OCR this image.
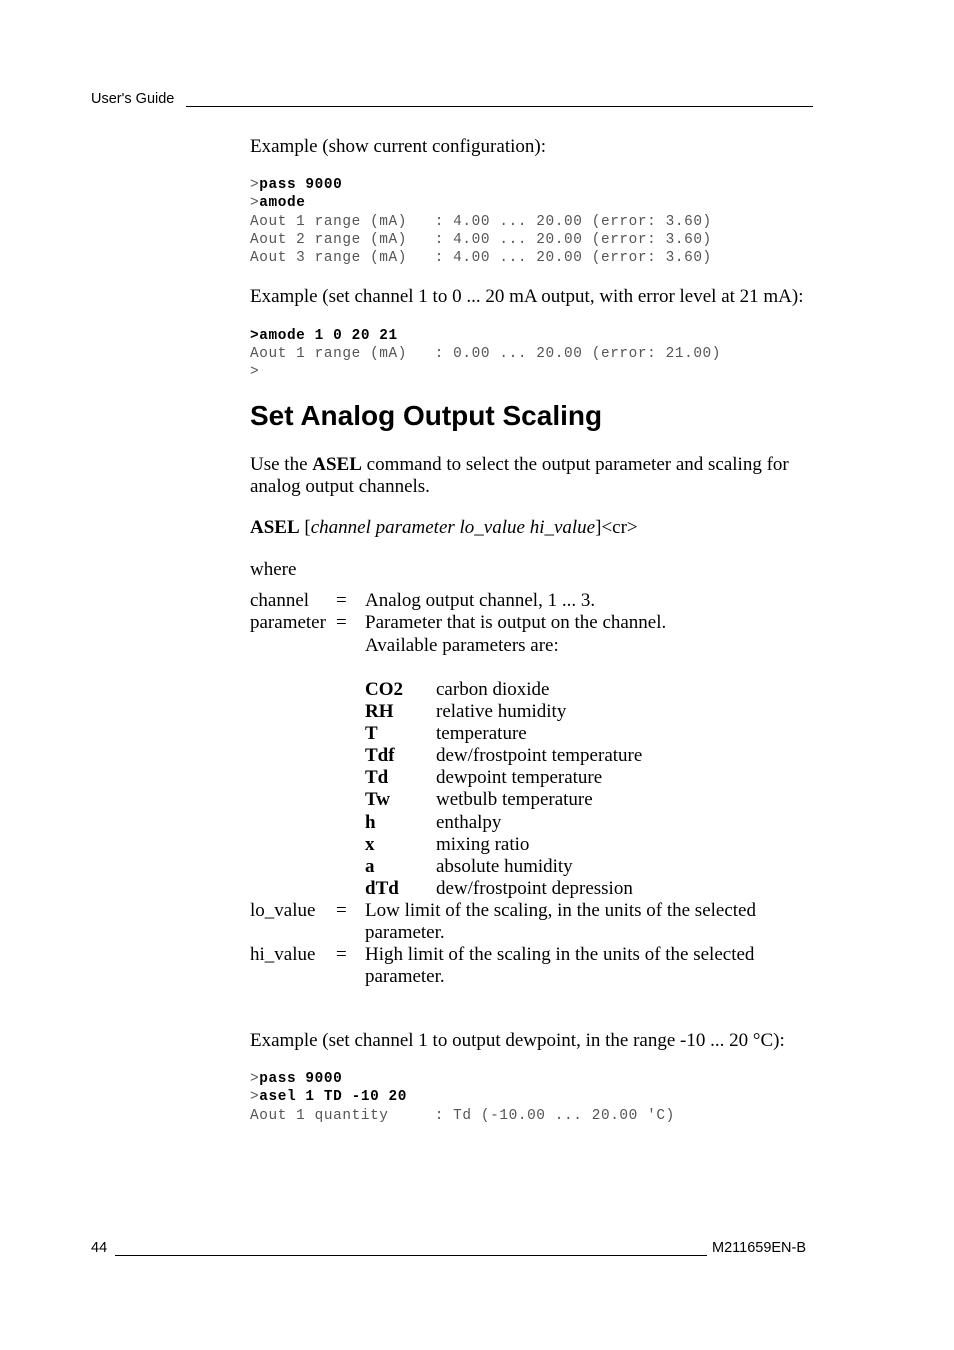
User's Guide
Example (show current configuration):
>pass 9000
>amode
Aout 1 range (mA)   : 4.00 ... 20.00 (error: 3.60)
Aout 2 range (mA)   : 4.00 ... 20.00 (error: 3.60)
Aout 3 range (mA)   : 4.00 ... 20.00 (error: 3.60)
Example (set channel 1 to 0 ... 20 mA output, with error level at 21 mA):
>amode 1 0 20 21
Aout 1 range (mA)   : 0.00 ... 20.00 (error: 21.00)
>
Set Analog Output Scaling
Use the ASEL command to select the output parameter and scaling for
analog output channels.
ASEL [channel parameter lo_value hi_value]<cr>
where
channel = Analog output channel, 1 ... 3.
parameter = Parameter that is output on the channel.
Available parameters are:
CO2 carbon dioxide
RH relative humidity
T	temperature
Tdf dew/frostpoint temperature
Td	dewpoint temperature
Tw wetbulb temperature
h	enthalpy
x	mixing ratio
a	absolute humidity
dTd dew/frostpoint depression
lo_value = Low limit of the scaling, in the units of the selected
parameter.
hi_value = High limit of the scaling in the units of the selected
parameter.
Example (set channel 1 to output dewpoint, in the range -10 ... 20 °C):
>pass 9000
>asel 1 TD -10 20
Aout 1 quantity     : Td (-10.00 ... 20.00 'C)
44	M211659EN-B
